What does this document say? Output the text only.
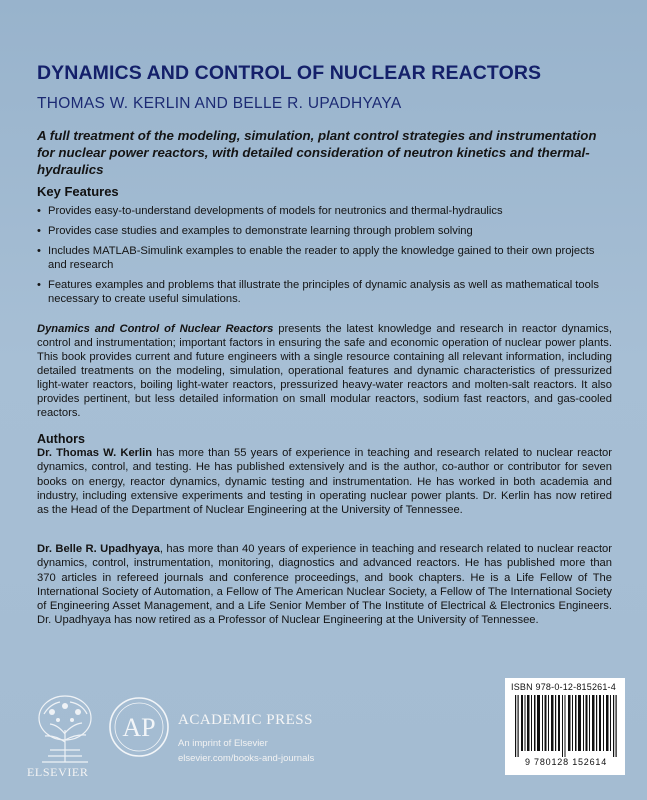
DYNAMICS AND CONTROL OF NUCLEAR REACTORS
THOMAS W. KERLIN AND BELLE R. UPADHYAYA
A full treatment of the modeling, simulation, plant control strategies and instrumentation for nuclear power reactors, with detailed consideration of neutron kinetics and thermal-hydraulics
Key Features
• Provides easy-to-understand developments of models for neutronics and thermal-hydraulics
• Provides case studies and examples to demonstrate learning through problem solving
• Includes MATLAB-Simulink examples to enable the reader to apply the knowledge gained to their own projects and research
• Features examples and problems that illustrate the principles of dynamic analysis as well as mathematical tools necessary to create useful simulations.

Dynamics and Control of Nuclear Reactors presents the latest knowledge and research in reactor dynamics, control and instrumentation; important factors in ensuring the safe and economic operation of nuclear power plants. This book provides current and future engineers with a single resource containing all relevant information, including detailed treatments on the modeling, simulation, operational features and dynamic characteristics of pressurized light-water reactors, boiling light-water reactors, pressurized heavy-water reactors and molten-salt reactors. It also provides pertinent, but less detailed information on small modular reactors, sodium fast reactors, and gas-cooled reactors.

Authors

Dr. Thomas W. Kerlin has more than 55 years of experience in teaching and research related to nuclear reactor dynamics, control, and testing. He has published extensively and is the author, co-author or contributor for seven books on energy, reactor dynamics, dynamic testing and instrumentation. He has worked in both academia and industry, including extensive experiments and testing in operating nuclear power plants. Dr. Kerlin has now retired as the Head of the Department of Nuclear Engineering at the University of Tennessee.

Dr. Belle R. Upadhyaya, has more than 40 years of experience in teaching and research related to nuclear reactor dynamics, control, instrumentation, monitoring, diagnostics and advanced reactors. He has published more than 370 articles in refereed journals and conference proceedings, and book chapters. He is a Life Fellow of The International Society of Automation, a Fellow of The American Nuclear Society, a Fellow of The International Society of Engineering Asset Management, and a Life Senior Member of The Institute of Electrical & Electronics Engineers. Dr. Upadhyaya has now retired as a Professor of Nuclear Engineering at the University of Tennessee.

ELSEVIER
AP ACADEMIC PRESS
An imprint of Elsevier
elsevier.com/books-and-journals
ISBN 978-0-12-815261-4
9 780128 152614
